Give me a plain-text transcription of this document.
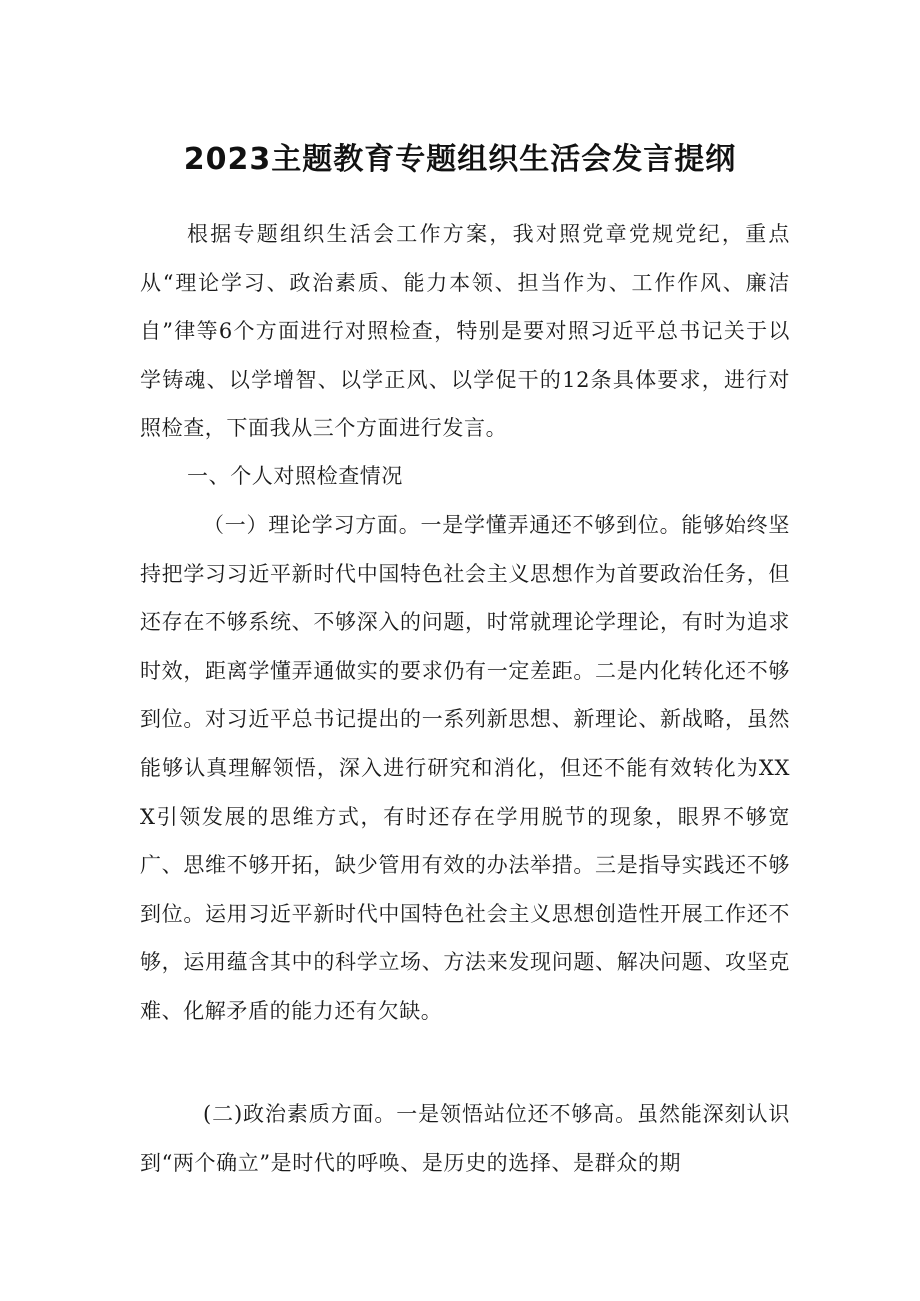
2023主题教育专题组织生活会发言提纲

根据专题组织生活会工作方案，我对照党章党规党纪，重点从“理论学习、政治素质、能力本领、担当作为、工作作风、廉洁自”律等6个方面进行对照检查，特别是要对照习近平总书记关于以学铸魂、以学增智、以学正风、以学促干的12条具体要求，进行对照检查，下面我从三个方面进行发言。

一、个人对照检查情况

（一）理论学习方面。一是学懂弄通还不够到位。能够始终坚持把学习习近平新时代中国特色社会主义思想作为首要政治任务，但还存在不够系统、不够深入的问题，时常就理论学理论，有时为追求时效，距离学懂弄通做实的要求仍有一定差距。二是内化转化还不够到位。对习近平总书记提出的一系列新思想、新理论、新战略，虽然能够认真理解领悟，深入进行研究和消化，但还不能有效转化为XXX引领发展的思维方式，有时还存在学用脱节的现象，眼界不够宽广、思维不够开拓，缺少管用有效的办法举措。三是指导实践还不够到位。运用习近平新时代中国特色社会主义思想创造性开展工作还不够，运用蕴含其中的科学立场、方法来发现问题、解决问题、攻坚克难、化解矛盾的能力还有欠缺。

(二)政治素质方面。一是领悟站位还不够高。虽然能深刻认识到“两个确立”是时代的呼唤、是历史的选择、是群众的期
